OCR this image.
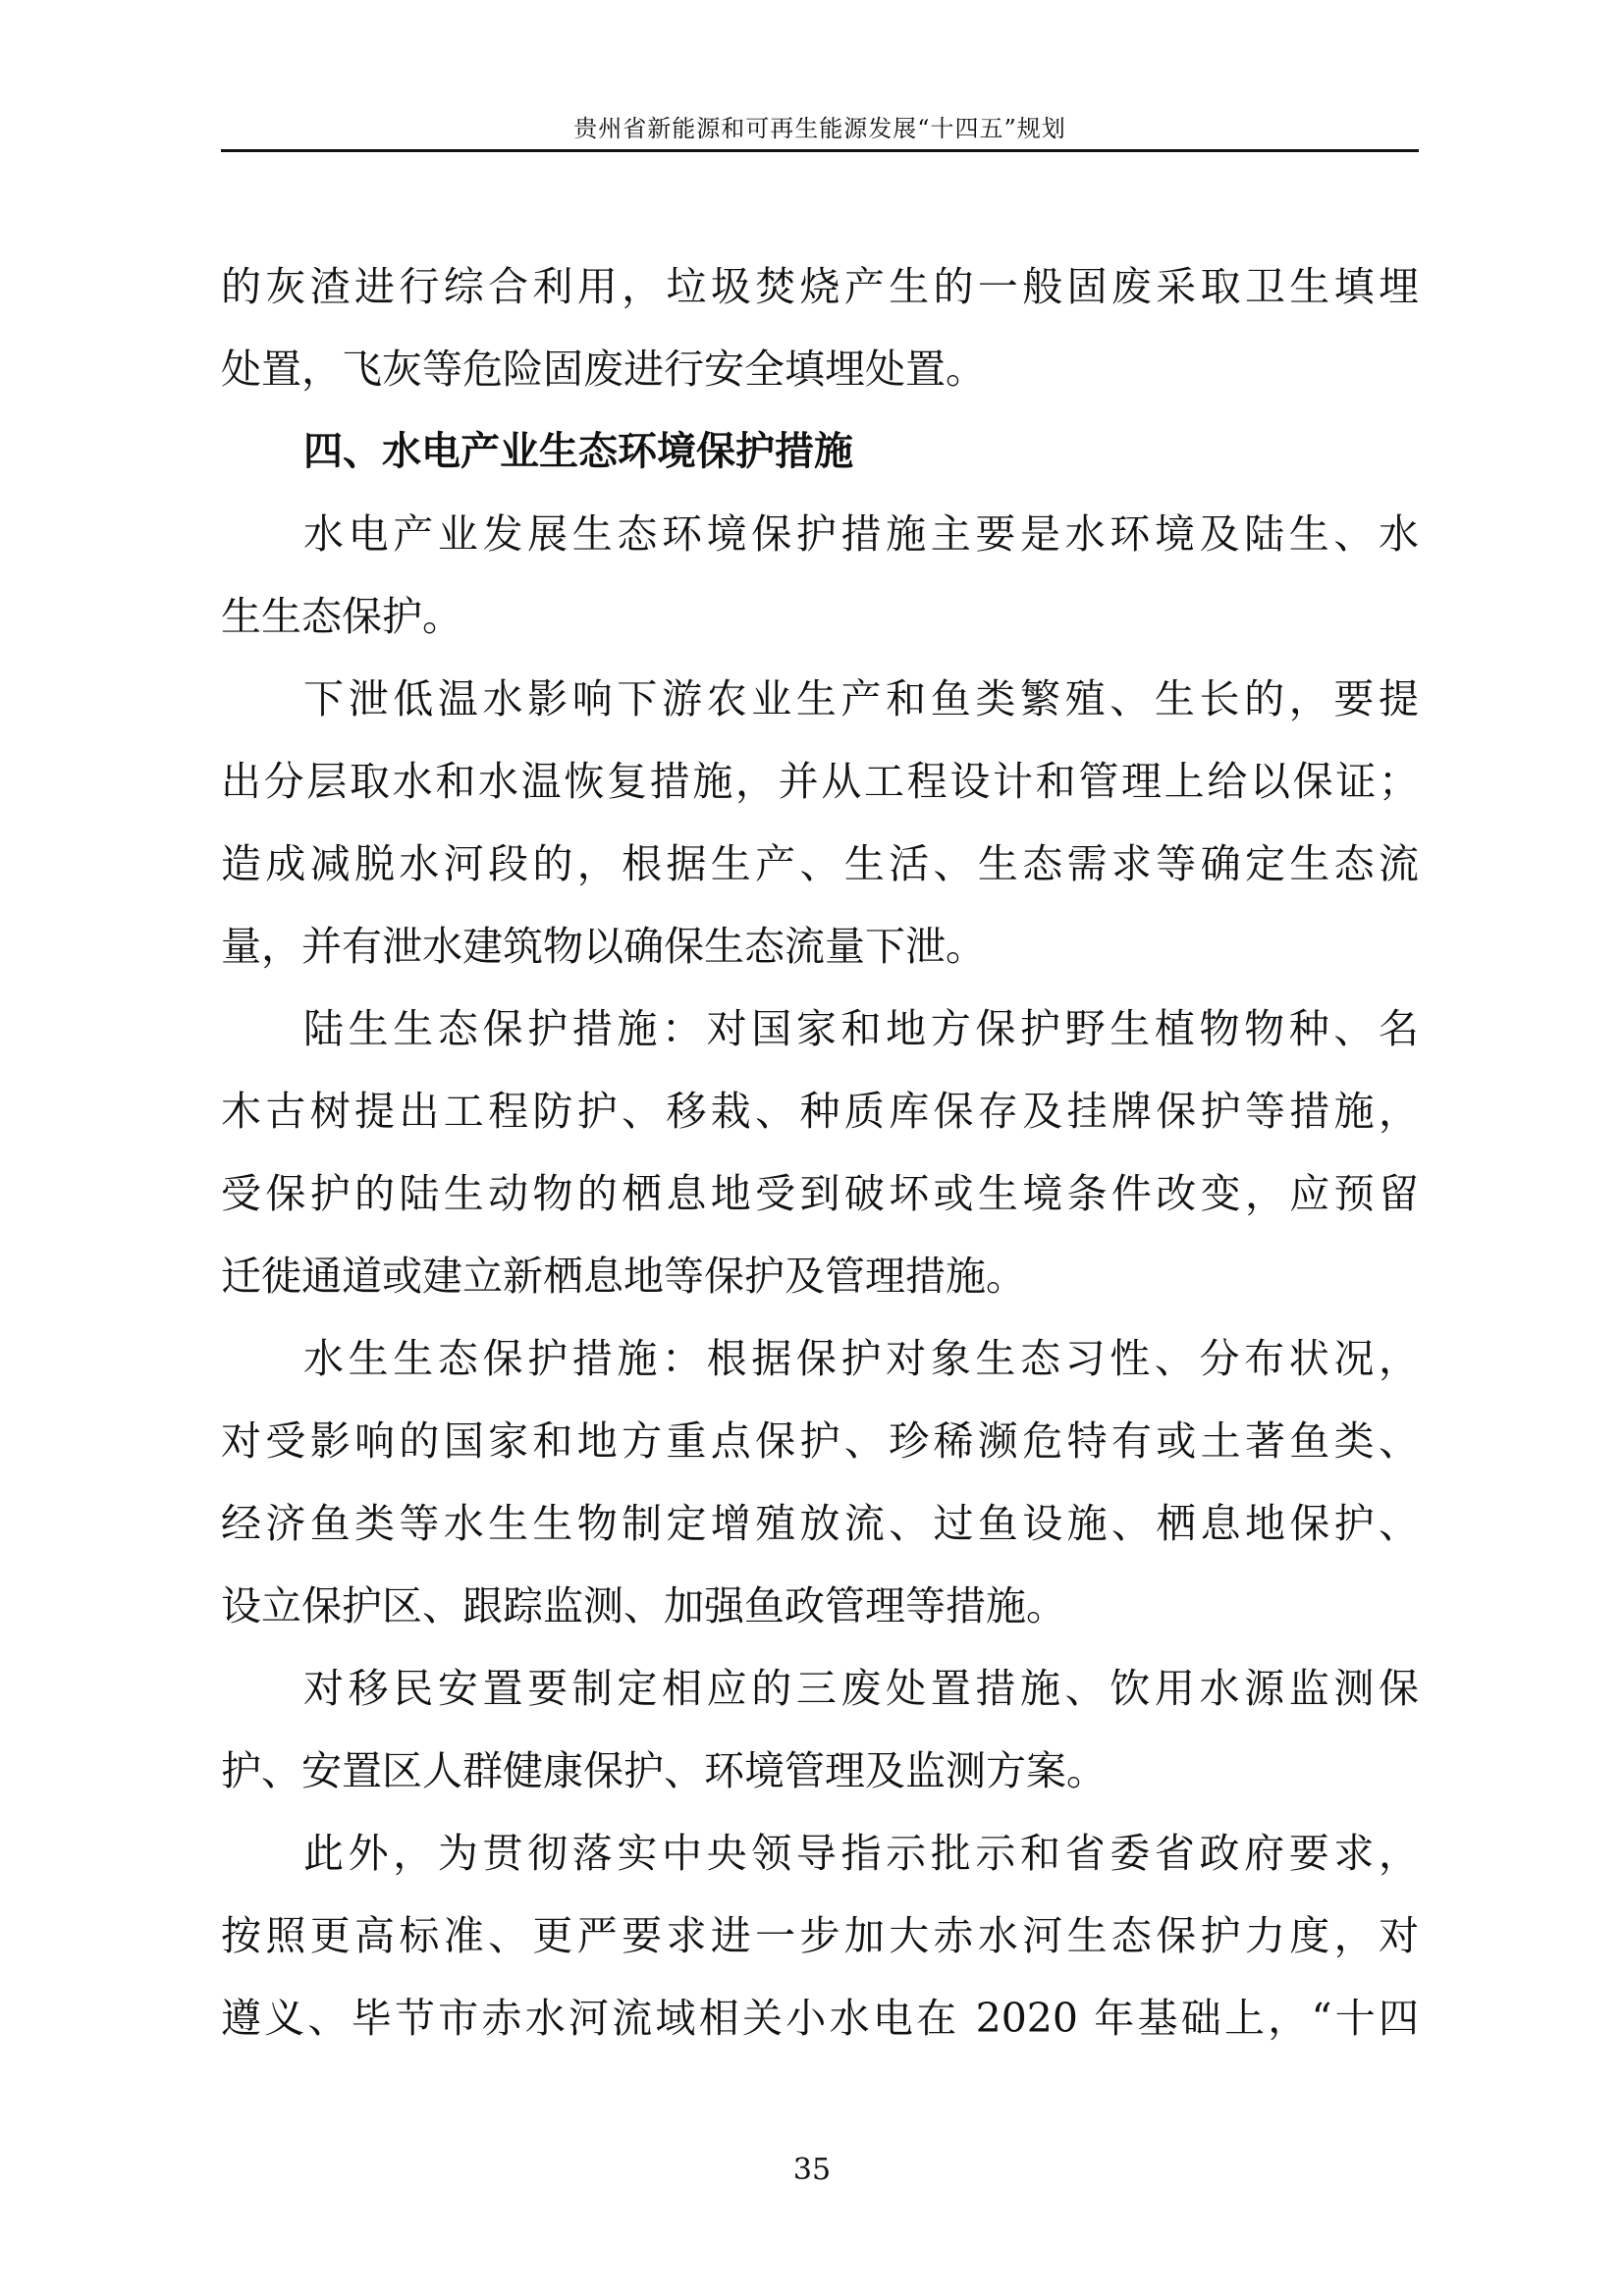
贵州省新能源和可再生能源发展“十四五”规划
的灰渣进行综合利用，垃圾焚烧产生的一般固废采取卫生填埋
处置，飞灰等危险固废进行安全填埋处置。
四、水电产业生态环境保护措施
水电产业发展生态环境保护措施主要是水环境及陆生、水
生生态保护。
下泄低温水影响下游农业生产和鱼类繁殖、生长的，要提
出分层取水和水温恢复措施，并从工程设计和管理上给以保证；
造成减脱水河段的，根据生产、生活、生态需求等确定生态流
量，并有泄水建筑物以确保生态流量下泄。
陆生生态保护措施：对国家和地方保护野生植物物种、名
木古树提出工程防护、移栽、种质库保存及挂牌保护等措施，
受保护的陆生动物的栖息地受到破坏或生境条件改变，应预留
迁徙通道或建立新栖息地等保护及管理措施。
水生生态保护措施：根据保护对象生态习性、分布状况，
对受影响的国家和地方重点保护、珍稀濒危特有或土著鱼类、
经济鱼类等水生生物制定增殖放流、过鱼设施、栖息地保护、
设立保护区、跟踪监测、加强鱼政管理等措施。
对移民安置要制定相应的三废处置措施、饮用水源监测保
护、安置区人群健康保护、环境管理及监测方案。
此外，为贯彻落实中央领导指示批示和省委省政府要求，
按照更高标准、更严要求进一步加大赤水河生态保护力度，对
遵义、毕节市赤水河流域相关小水电在 2020 年基础上，“十四
35
